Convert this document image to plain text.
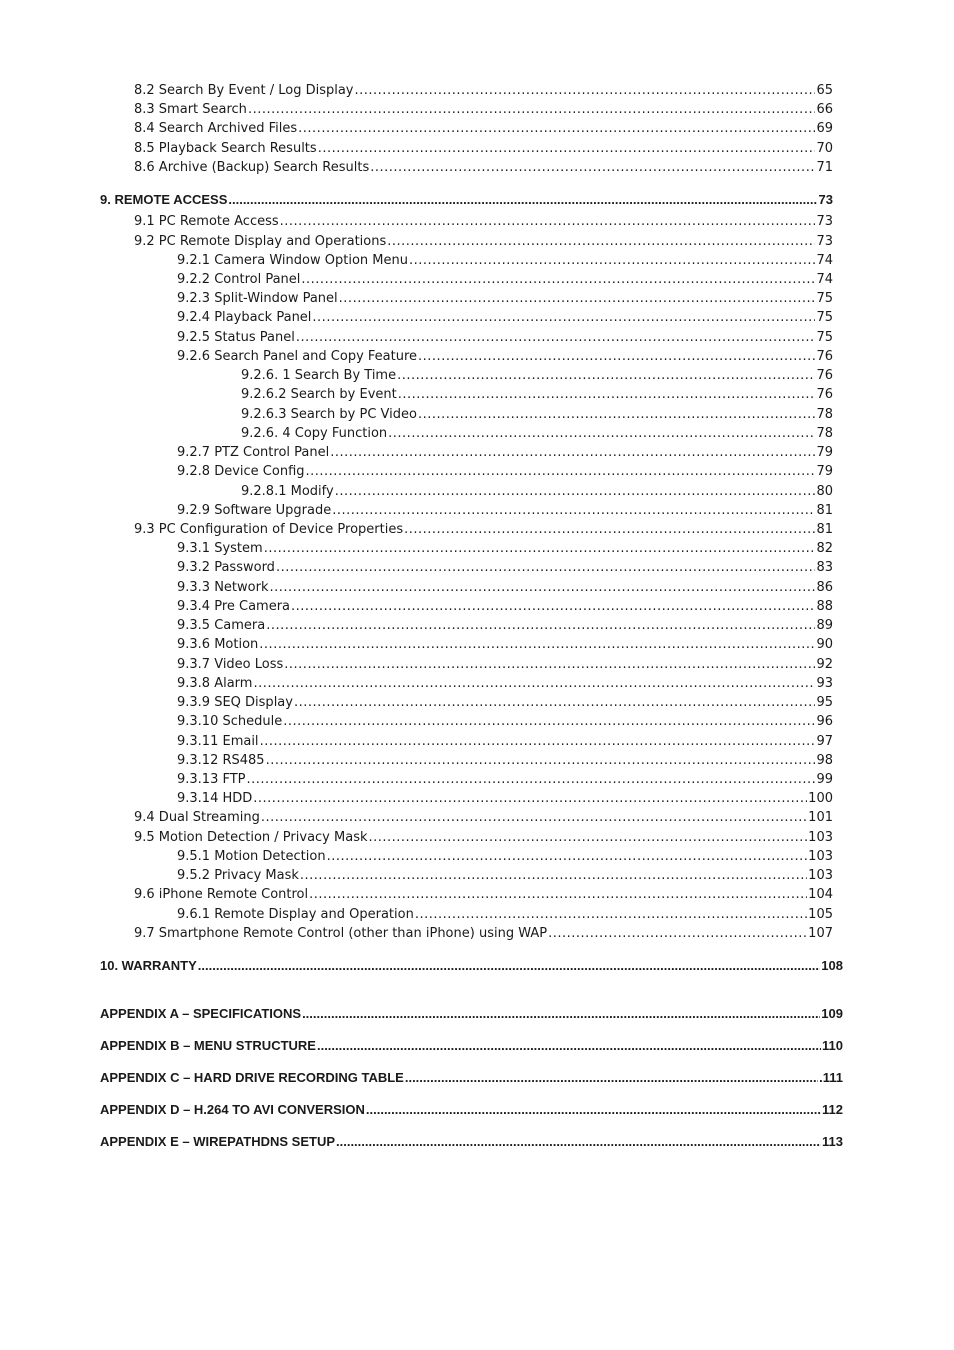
8.2 Search By Event / Log Display .....	65
8.3 Smart Search .....	66
8.4 Search Archived Files .....	69
8.5 Playback Search Results .....	70
8.6 Archive (Backup) Search Results .....	71
9. REMOTE ACCESS .....	73
9.1 PC Remote Access .....	73
9.2 PC Remote Display and Operations .....	73
9.2.1 Camera Window Option Menu .....	74
9.2.2 Control Panel .....	74
9.2.3 Split-Window Panel .....	75
9.2.4 Playback Panel .....	75
9.2.5 Status Panel .....	75
9.2.6 Search Panel and Copy Feature .....	76
9.2.6. 1 Search By Time .....	76
9.2.6.2 Search by Event .....	76
9.2.6.3 Search by PC Video .....	78
9.2.6. 4 Copy Function .....	78
9.2.7 PTZ Control Panel .....	79
9.2.8 Device Config .....	79
9.2.8.1 Modify .....	80
9.2.9 Software Upgrade .....	81
9.3 PC Configuration of Device Properties .....	81
9.3.1 System .....	82
9.3.2 Password .....	83
9.3.3 Network .....	86
9.3.4 Pre Camera .....	88
9.3.5 Camera .....	89
9.3.6 Motion .....	90
9.3.7 Video Loss .....	92
9.3.8 Alarm .....	93
9.3.9 SEQ Display .....	95
9.3.10 Schedule .....	96
9.3.11 Email .....	97
9.3.12 RS485 .....	98
9.3.13 FTP .....	99
9.3.14 HDD .....	100
9.4 Dual Streaming .....	101
9.5 Motion Detection / Privacy Mask .....	103
9.5.1 Motion Detection .....	103
9.5.2 Privacy Mask .....	103
9.6 iPhone Remote Control .....	104
9.6.1 Remote Display and Operation .....	105
9.7 Smartphone Remote Control (other than iPhone) using WAP .....	107
10. WARRANTY .....	108
APPENDIX A – SPECIFICATIONS .....	109
APPENDIX B – MENU STRUCTURE .....	110
APPENDIX C – HARD DRIVE RECORDING TABLE .....	.111
APPENDIX D – H.264 TO AVI CONVERSION .....	112
APPENDIX E – WIREPATHDNS SETUP .....	113
